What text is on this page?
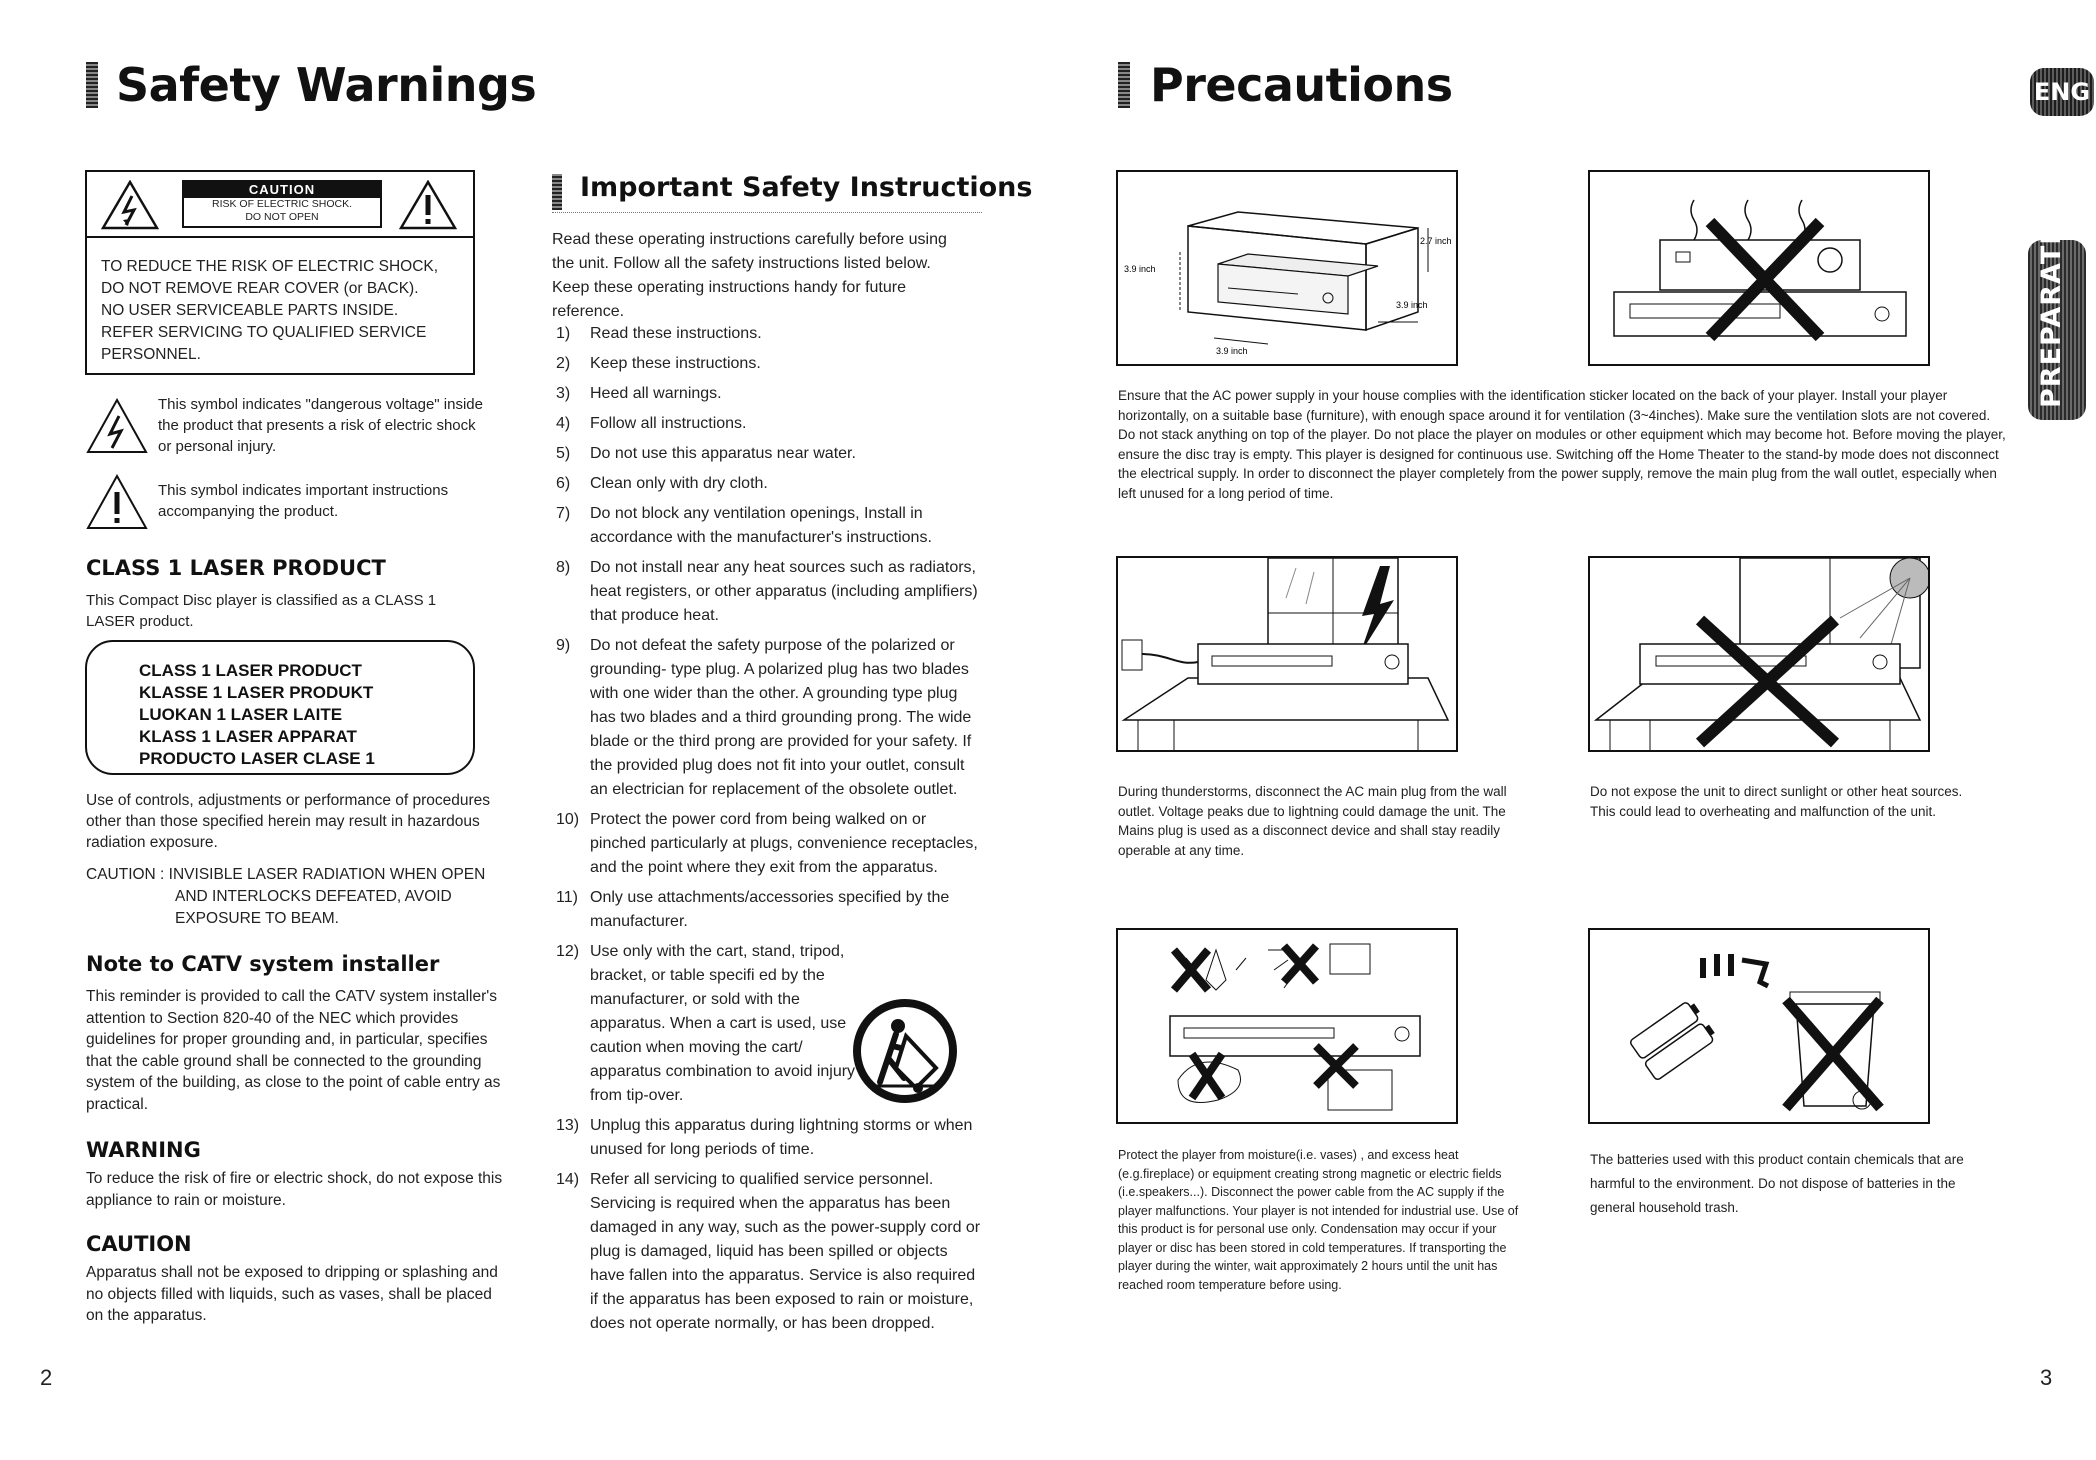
Safety Warnings
CAUTION
RISK OF ELECTRIC SHOCK.
DO NOT OPEN
TO REDUCE THE RISK OF ELECTRIC SHOCK,
DO NOT REMOVE REAR COVER (or BACK).
NO USER SERVICEABLE PARTS INSIDE.
REFER SERVICING TO QUALIFIED SERVICE
PERSONNEL.
This symbol indicates "dangerous voltage" inside the product that presents a risk of electric shock or personal injury.
This symbol indicates important instructions accompanying the product.
CLASS 1 LASER PRODUCT
This Compact Disc player is classified as a CLASS 1 LASER product.
CLASS 1 LASER PRODUCT
KLASSE 1 LASER PRODUKT
LUOKAN 1 LASER LAITE
KLASS 1 LASER APPARAT
PRODUCTO LASER CLASE 1
Use of controls, adjustments or performance of procedures other than those specified herein may result in hazardous radiation exposure.
CAUTION : INVISIBLE LASER RADIATION WHEN OPEN
AND INTERLOCKS DEFEATED, AVOID
EXPOSURE TO BEAM.
Note to CATV system installer
This reminder is provided to call the CATV system installer's attention to Section 820-40 of the NEC which provides guidelines for proper grounding and, in particular, specifies that the cable ground shall be connected to the grounding system of the building, as close to the point of cable entry as practical.
WARNING
To reduce the risk of fire or electric shock, do not expose this appliance to rain or moisture.
CAUTION
Apparatus shall not be exposed to dripping or splashing and no objects filled with liquids, such as vases, shall be placed on the apparatus.
2
Important Safety Instructions
Read these operating instructions carefully before using the unit. Follow all the safety instructions listed below. Keep these operating instructions handy for future reference.
1) Read these instructions.
2) Keep these instructions.
3) Heed all warnings.
4) Follow all instructions.
5) Do not use this apparatus near water.
6) Clean only with dry cloth.
7) Do not block any ventilation openings, Install in accordance with the manufacturer's instructions.
8) Do not install near any heat sources such as radiators, heat registers, or other apparatus (including amplifiers) that produce heat.
9) Do not defeat the safety purpose of the polarized or grounding- type plug. A polarized plug has two blades with one wider than the other. A grounding type plug has two blades and a third grounding prong. The wide blade or the third prong are provided for your safety. If the provided plug does not fit into your outlet, consult an electrician for replacement of the obsolete outlet.
10) Protect the power cord from being walked on or pinched particularly at plugs, convenience receptacles, and the point where they exit from the apparatus.
11) Only use attachments/accessories specified by the manufacturer.
12) Use only with the cart, stand, tripod, bracket, or table specifi ed by the manufacturer, or sold with the apparatus. When a cart is used, use caution when moving the cart/ apparatus combination to avoid injury from tip-over.
13) Unplug this apparatus during lightning storms or when unused for long periods of time.
14) Refer all servicing to qualified service personnel. Servicing is required when the apparatus has been damaged in any way, such as the power-supply cord or plug is damaged, liquid has been spilled or objects have fallen into the apparatus. Service is also required if the apparatus has been exposed to rain or moisture, does not operate normally, or has been dropped.
Precautions	ENG
PREPARATION
3.9 inch
2.7 inch
3.9 inch
3.9 inch
Ensure that the AC power supply in your house complies with the identification sticker located on the back of your player. Install your player horizontally, on a suitable base (furniture), with enough space around it for ventilation (3~4inches). Make sure the ventilation slots are not covered. Do not stack anything on top of the player. Do not place the player on modules or other equipment which may become hot. Before moving the player, ensure the disc tray is empty. This player is designed for continuous use. Switching off the Home Theater to the stand-by mode does not disconnect the electrical supply. In order to disconnect the player completely from the power supply, remove the main plug from the wall outlet, especially when left unused for a long period of time.
During thunderstorms, disconnect the AC main plug from the wall outlet. Voltage peaks due to lightning could damage the unit. The Mains plug is used as a disconnect device and shall stay readily operable at any time.
Do not expose the unit to direct sunlight or other heat sources. This could lead to overheating and malfunction of the unit.
Protect the player from moisture(i.e. vases) , and excess heat (e.g.fireplace) or equipment creating strong magnetic or electric fields (i.e.speakers...). Disconnect the power cable from the AC supply if the player malfunctions. Your player is not intended for industrial use. Use of this product is for personal use only. Condensation may occur if your player or disc has been stored in cold temperatures. If transporting the player during the winter, wait approximately 2 hours until the unit has reached room temperature before using.
The batteries used with this product contain chemicals that are harmful to the environment. Do not dispose of batteries in the general household trash.
3
